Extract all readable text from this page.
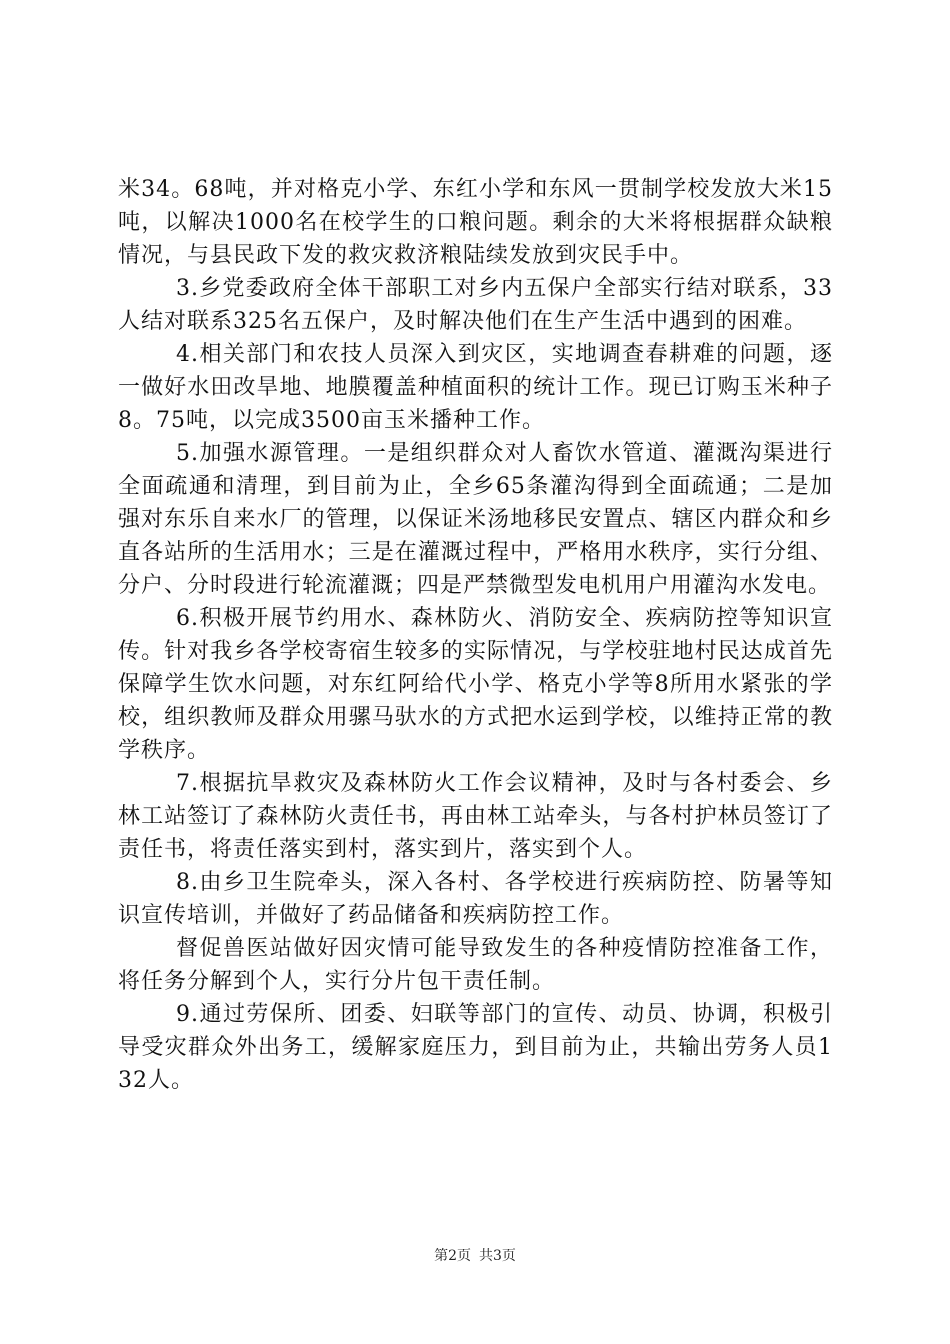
米34。68吨，并对格克小学、东红小学和东风一贯制学校发放大米15吨，以解决1000名在校学生的口粮问题。剩余的大米将根据群众缺粮情况，与县民政下发的救灾救济粮陆续发放到灾民手中。

3.乡党委政府全体干部职工对乡内五保户全部实行结对联系，33人结对联系325名五保户，及时解决他们在生产生活中遇到的困难。

4.相关部门和农技人员深入到灾区，实地调查春耕难的问题，逐一做好水田改旱地、地膜覆盖种植面积的统计工作。现已订购玉米种子8。75吨，以完成3500亩玉米播种工作。

5.加强水源管理。一是组织群众对人畜饮水管道、灌溉沟渠进行全面疏通和清理，到目前为止，全乡65条灌沟得到全面疏通；二是加强对东乐自来水厂的管理，以保证米汤地移民安置点、辖区内群众和乡直各站所的生活用水；三是在灌溉过程中，严格用水秩序，实行分组、分户、分时段进行轮流灌溉；四是严禁微型发电机用户用灌沟水发电。

6.积极开展节约用水、森林防火、消防安全、疾病防控等知识宣传。针对我乡各学校寄宿生较多的实际情况，与学校驻地村民达成首先保障学生饮水问题，对东红阿给代小学、格克小学等8所用水紧张的学校，组织教师及群众用骡马驮水的方式把水运到学校，以维持正常的教学秩序。

7.根据抗旱救灾及森林防火工作会议精神，及时与各村委会、乡林工站签订了森林防火责任书，再由林工站牵头，与各村护林员签订了责任书，将责任落实到村，落实到片，落实到个人。

8.由乡卫生院牵头，深入各村、各学校进行疾病防控、防暑等知识宣传培训，并做好了药品储备和疾病防控工作。

督促兽医站做好因灾情可能导致发生的各种疫情防控准备工作，将任务分解到个人，实行分片包干责任制。

9.通过劳保所、团委、妇联等部门的宣传、动员、协调，积极引导受灾群众外出务工，缓解家庭压力，到目前为止，共输出劳务人员132人。

第2页 共3页
